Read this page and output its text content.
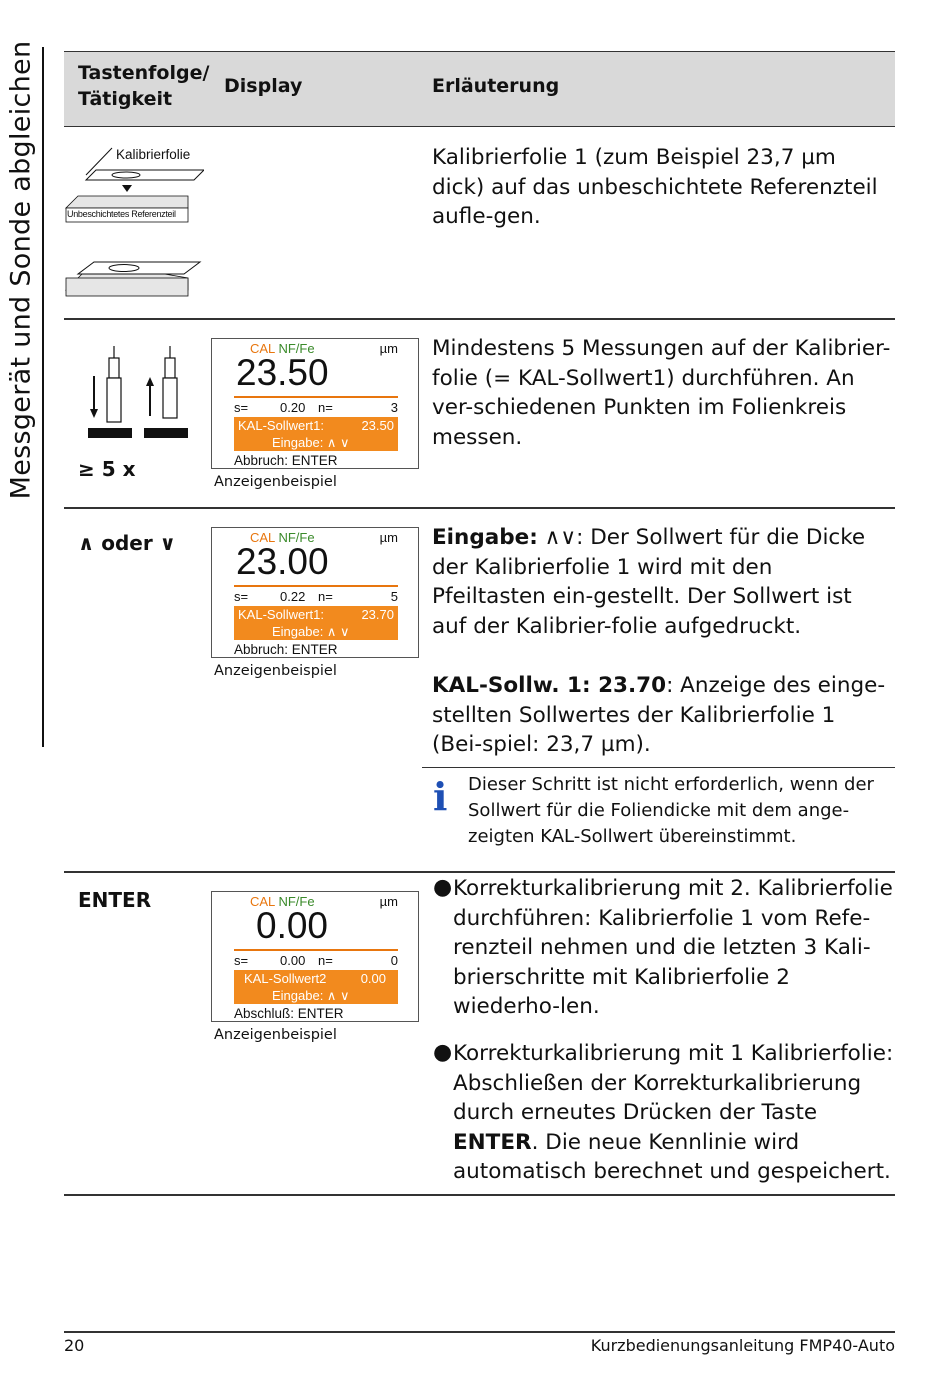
Messgerät und Sonde abgleichen Tastenfolge/
Tätigkeit
Display	Erläuterung
Kalibrierfolie
Unbeschichtetes Referenzteil
Kalibrierfolie 1 (zum Beispiel 23,7 µm dick) auf das unbeschichtete Referenzteil aufle-gen.
≥ 5 x
CAL NF/Fe	µm
23.50
s= 0.20 n=	3
KAL-Sollwert1:	23.50
Eingabe: ∧ ∨
Abbruch: ENTER
Anzeigenbeispiel
Mindestens 5 Messungen auf der Kalibrier-folie (= KAL-Sollwert1) durchführen. An ver-schiedenen Punkten im Folienkreis messen.
∧ oder ∨	CAL NF/Fe	µm
23.00
s= 0.22 n=	5
KAL-Sollwert1:	23.70
Eingabe: ∧ ∨
Abbruch: ENTER
Anzeigenbeispiel
Eingabe: ∧∨: Der Sollwert für die Dicke der Kalibrierfolie 1 wird mit den Pfeiltasten ein-gestellt. Der Sollwert ist auf der Kalibrier-folie aufgedruckt.
KAL-Sollw. 1: 23.70: Anzeige des einge-stellten Sollwertes der Kalibrierfolie 1 (Bei-spiel: 23,7 µm).
i Dieser Schritt ist nicht erforderlich, wenn der Sollwert für die Foliendicke mit dem ange-zeigten KAL-Sollwert übereinstimmt.
ENTER	CAL NF/Fe	µm
0.00
s= 0.00 n=	0
KAL-Sollwert2	0.00
Eingabe: ∧ ∨
Abschluß: ENTER
Anzeigenbeispiel
● Korrekturkalibrierung mit 2. Kalibrierfolie durchführen: Kalibrierfolie 1 vom Refe-renzteil nehmen und die letzten 3 Kali-brierschritte mit Kalibrierfolie 2 wiederho-len.
● Korrekturkalibrierung mit 1 Kalibrierfolie: Abschließen der Korrekturkalibrierung durch erneutes Drücken der Taste ENTER. Die neue Kennlinie wird automatisch berechnet und gespeichert.
20	Kurzbedienungsanleitung FMP40-Auto
